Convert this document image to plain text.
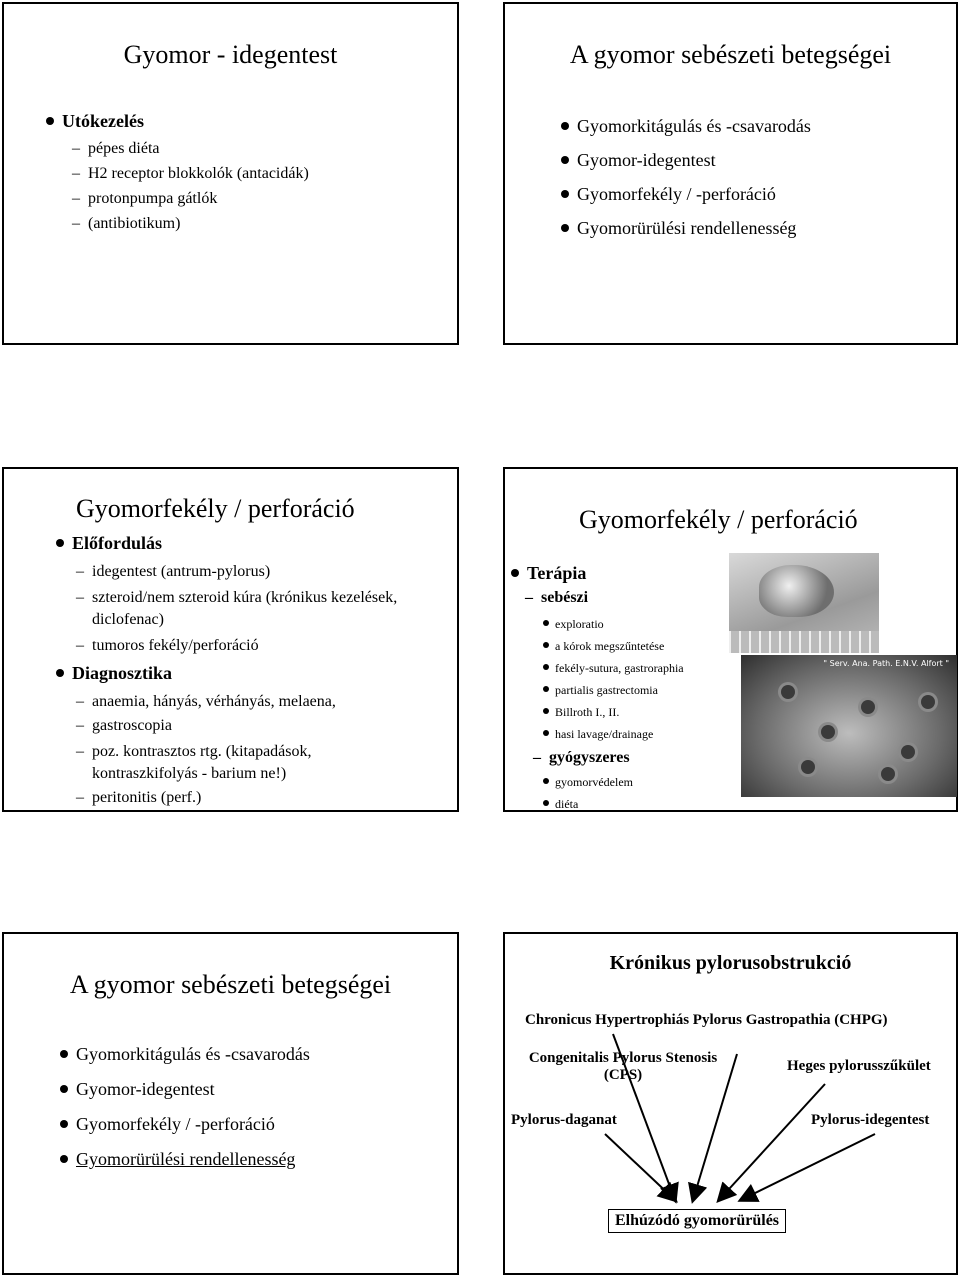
Gyomor - idegentest
Utókezelés
– pépes diéta
– H2 receptor blokkolók (antacidák)
– protonpumpa gátlók
– (antibiotikum)
A gyomor sebészeti betegségei
Gyomorkitágulás és -csavarodás
Gyomor-idegentest
Gyomorfekély / -perforáció
Gyomorürülési rendellenesség
Gyomorfekély / perforáció
Előfordulás
– idegentest (antrum-pylorus)
– szteroid/nem szteroid kúra (krónikus kezelések,
diclofenac)
– tumoros fekély/perforáció
Diagnosztika
– anaemia, hányás, vérhányás, melaena,
– gastroscopia
– poz. kontrasztos rtg. (kitapadások,
kontraszkifolyás - barium ne!)
– peritonitis (perf.)
Gyomorfekély / perforáció
Terápia
– sebészi
exploratio
a kórok megszűntetése
fekély-sutura, gastroraphia
partialis gastrectomia
Billroth I., II.
hasi lavage/drainage
– gyógyszeres
gyomorvédelem
diéta
" Serv. Ana. Path. E.N.V. Alfort "
A gyomor sebészeti betegségei
Gyomorkitágulás és -csavarodás
Gyomor-idegentest
Gyomorfekély / -perforáció
Gyomorürülési rendellenesség
Krónikus pylorusobstrukció
Chronicus Hypertrophiás Pylorus Gastropathia (CHPG)
Congenitalis Pylorus Stenosis
(CPS)
Heges pylorusszűkület
Pylorus-daganat	Pylorus-idegentest
Elhúzódó gyomorürülés
